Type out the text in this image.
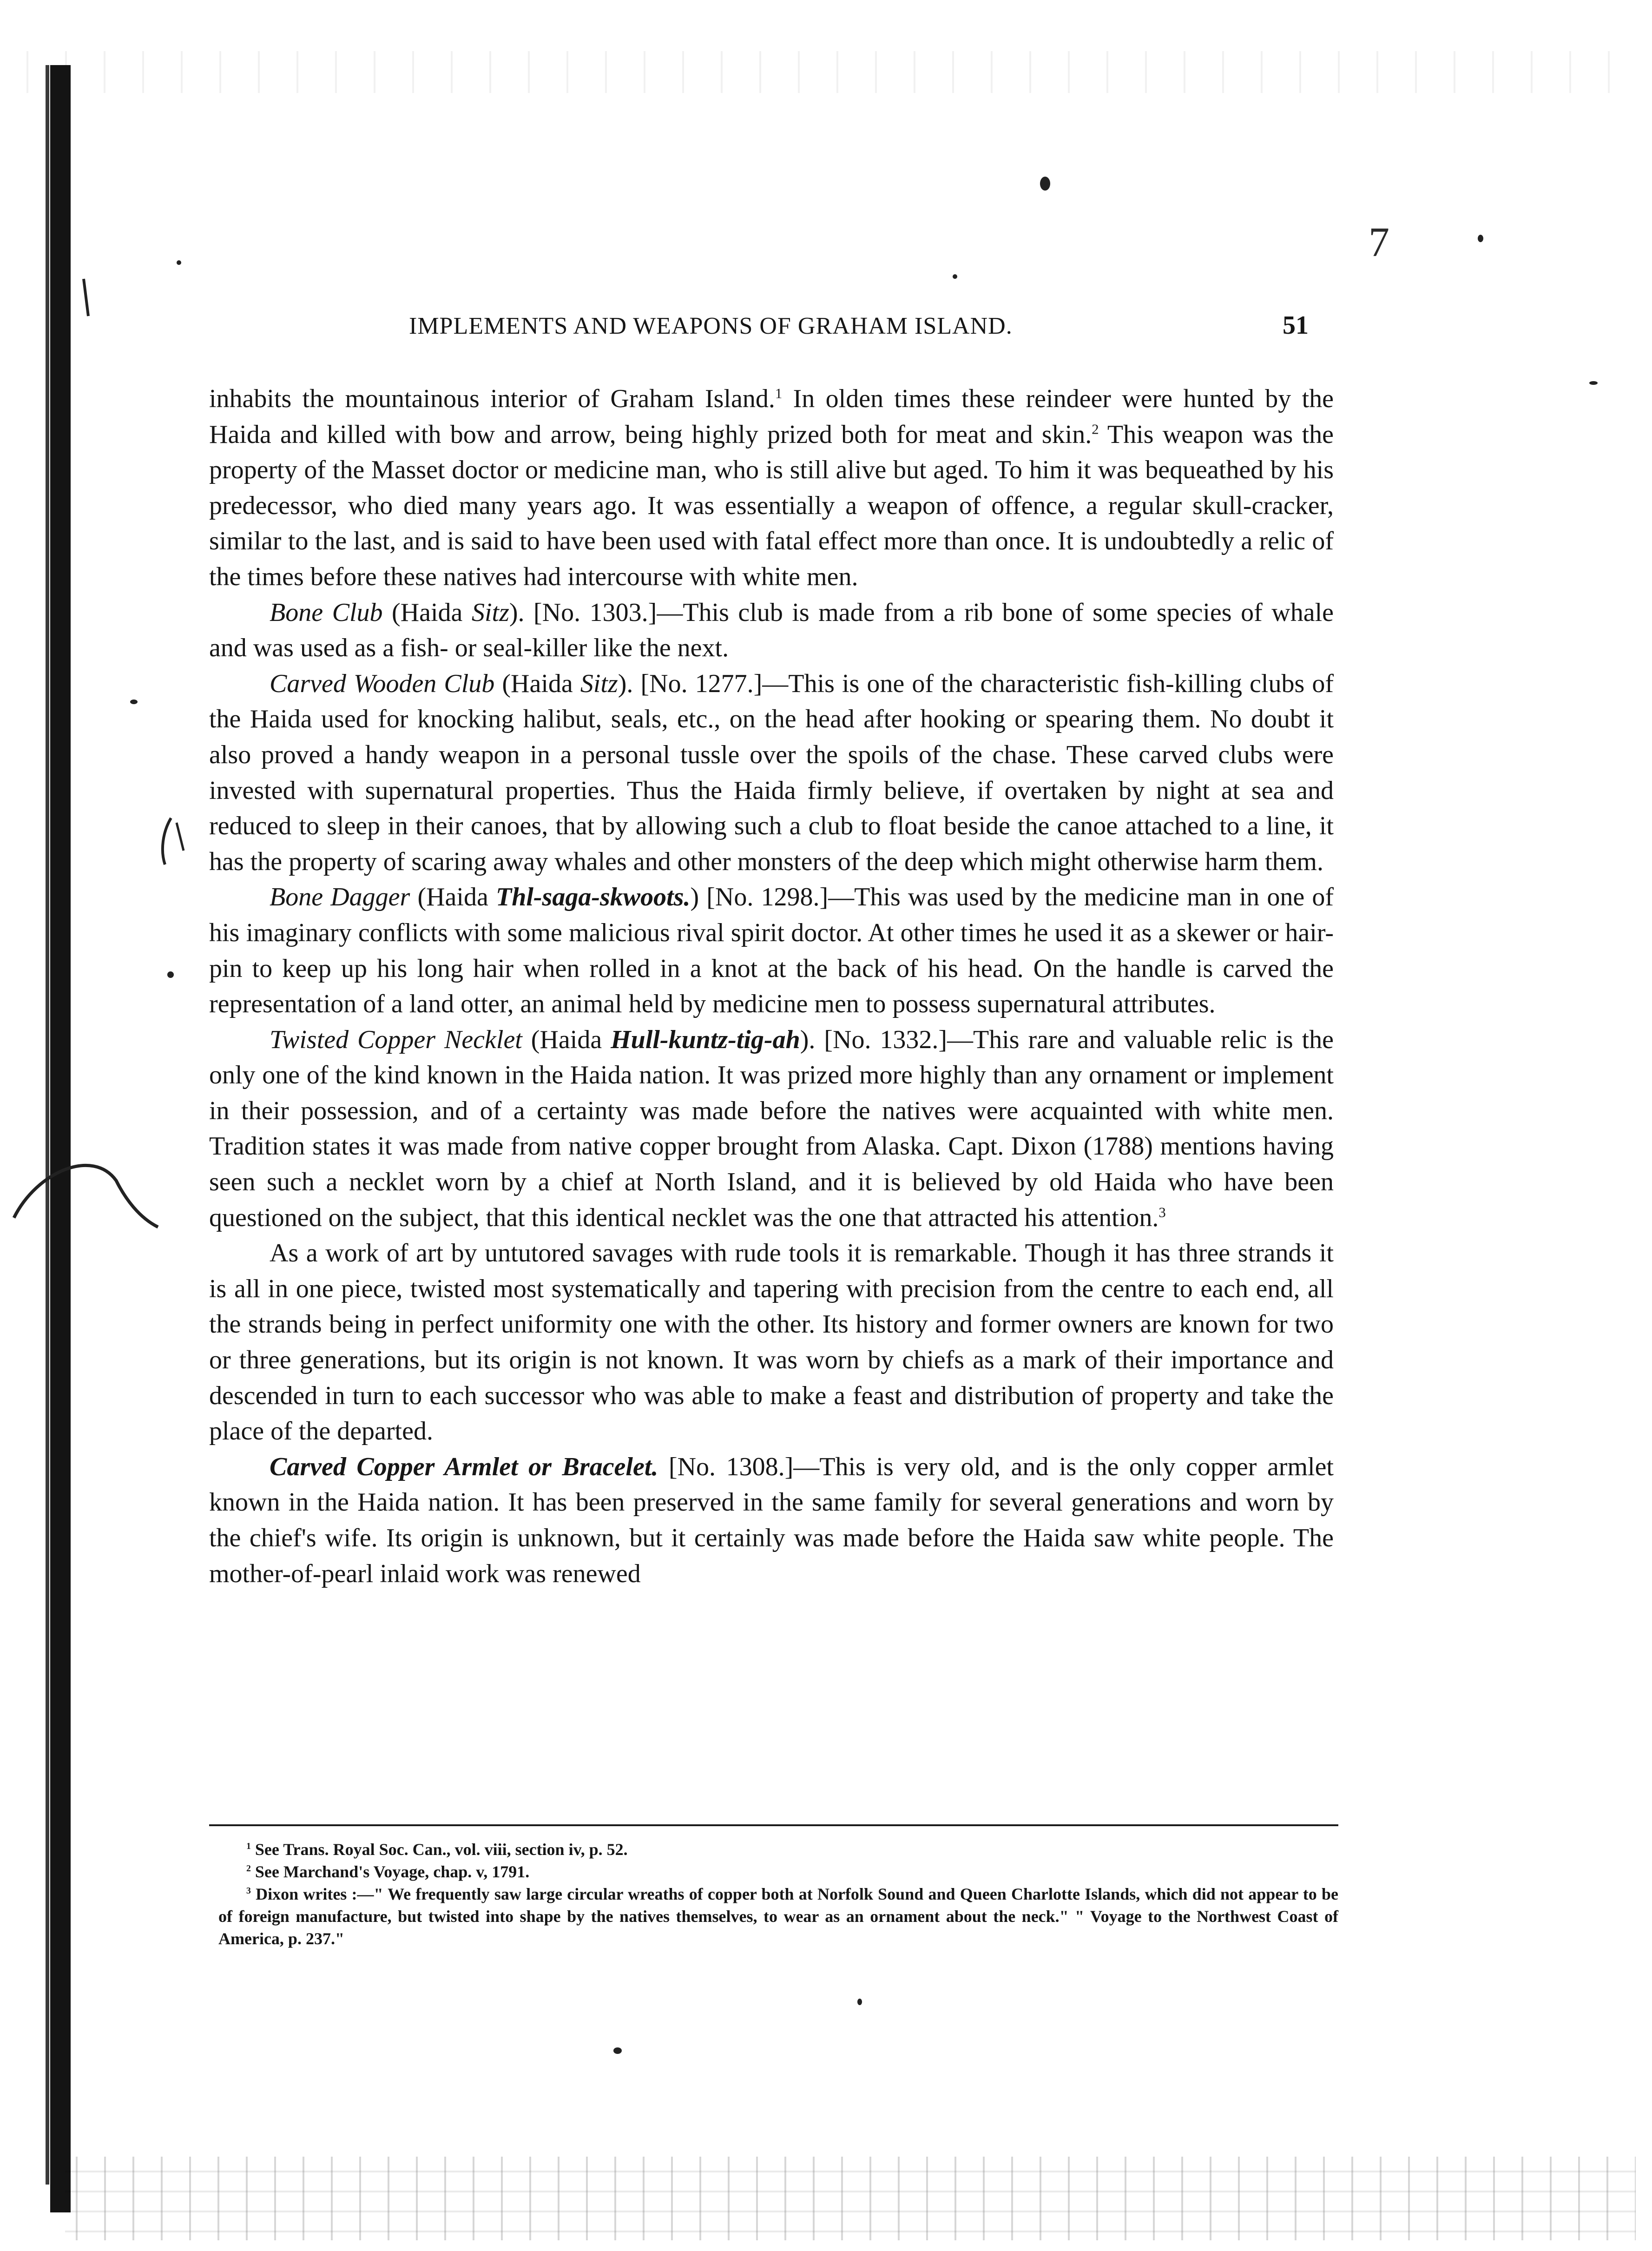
IMPLEMENTS AND WEAPONS OF GRAHAM ISLAND.	51
7

inhabits the mountainous interior of Graham Island.$^1$ In olden times these reindeer were hunted by the Haida and killed with bow and arrow, being highly prized both for meat and skin.$^2$ This weapon was the property of the Masset doctor or medicine man, who is still alive but aged. To him it was bequeathed by his predecessor, who died many years ago. It was essentially a weapon of offence, a regular skull-cracker, similar to the last, and is said to have been used with fatal effect more than once. It is undoubtedly a relic of the times before these natives had intercourse with white men.

Bone Club (Haida Sitz). [No. 1303.]—This club is made from a rib bone of some species of whale and was used as a fish- or seal-killer like the next.

Carved Wooden Club (Haida Sitz). [No. 1277.]—This is one of the characteristic fish-killing clubs of the Haida used for knocking halibut, seals, etc., on the head after hooking or spearing them. No doubt it also proved a handy weapon in a personal tussle over the spoils of the chase. These carved clubs were invested with supernatural properties. Thus the Haida firmly believe, if overtaken by night at sea and reduced to sleep in their canoes, that by allowing such a club to float beside the canoe attached to a line, it has the property of scaring away whales and other monsters of the deep which might otherwise harm them.

Bone Dagger (Haida Thl-saga-skwoots.) [No. 1298.]—This was used by the medicine man in one of his imaginary conflicts with some malicious rival spirit doctor. At other times he used it as a skewer or hair-pin to keep up his long hair when rolled in a knot at the back of his head. On the handle is carved the representation of a land otter, an animal held by medicine men to possess supernatural attributes.

Twisted Copper Necklet (Haida Hull-kuntz-tig-ah). [No. 1332.]—This rare and valuable relic is the only one of the kind known in the Haida nation. It was prized more highly than any ornament or implement in their possession, and of a certainty was made before the natives were acquainted with white men. Tradition states it was made from native copper brought from Alaska. Capt. Dixon (1788) mentions having seen such a necklet worn by a chief at North Island, and it is believed by old Haida who have been questioned on the subject, that this identical necklet was the one that attracted his attention.$^3$

As a work of art by untutored savages with rude tools it is remarkable. Though it has three strands it is all in one piece, twisted most systematically and tapering with precision from the centre to each end, all the strands being in perfect uniformity one with the other. Its history and former owners are known for two or three generations, but its origin is not known. It was worn by chiefs as a mark of their importance and descended in turn to each successor who was able to make a feast and distribution of property and take the place of the departed.

Carved Copper Armlet or Bracelet. [No. 1308.]—This is very old, and is the only copper armlet known in the Haida nation. It has been preserved in the same family for several generations and worn by the chief's wife. Its origin is unknown, but it certainly was made before the Haida saw white people. The mother-of-pearl inlaid work was renewed

$^1$ See Trans. Royal Soc. Can., vol. viii, section iv, p. 52.

$^2$ See Marchand's Voyage, chap. v, 1791.

$^3$ Dixon writes :—" We frequently saw large circular wreaths of copper both at Norfolk Sound and Queen Charlotte Islands, which did not appear to be of foreign manufacture, but twisted into shape by the natives themselves, to wear as an ornament about the neck." " Voyage to the Northwest Coast of America, p. 237."
